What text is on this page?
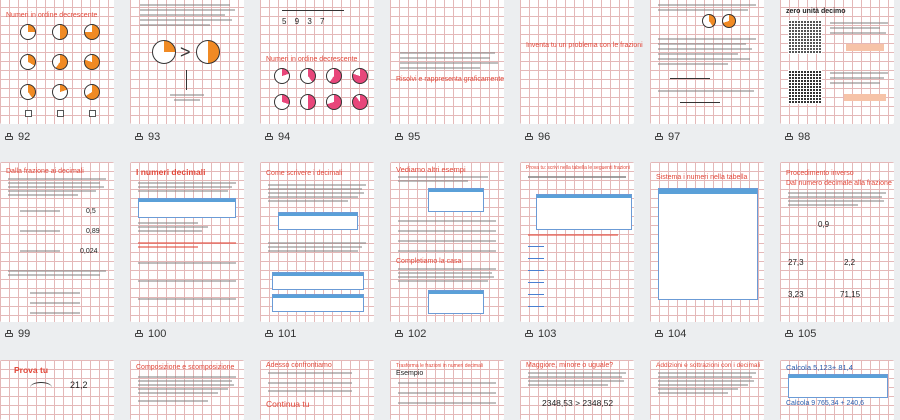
Numeri in ordine decrescente
>
5 9 3 7
Numeri in ordine decrescente
Risolvi e rappresenta graficamente
Inventa tu un problema con le frazioni
zero unità decimo
92	93	94	95	96	97	98
Dalla frazione ai decimali
0,5
0,89
0,024
I numeri decimali	Come scrivere i decimali	Vediamo altri esempi
Completiamo la casa
Prova tu: scrivi nella tabella le seguenti frazioni
Sistema i numeri nella tabella
Procedimento inverso
Dal numero decimale alla frazione
0,9
27,3	2,2
3,23	71,15
99	100	101	102	103	104	105
Prova tu
21,2
Composizione e scomposizione	Adesso confrontiamo
Continua tu
Trasforma le frazioni in numeri decimali
Esempio
Maggiore, minore o uguale?
2348,53 > 2348,52
Addizioni e sottrazioni con i decimali	Calcola 5,123+ 81,4
Calcola 9 765,34 + 240,6
